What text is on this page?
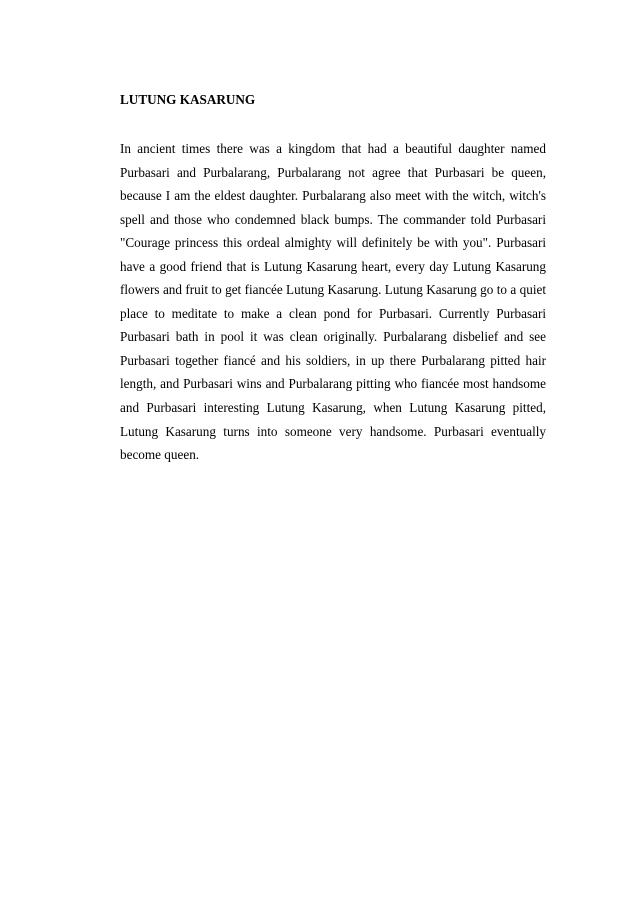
LUTUNG KASARUNG

In ancient times there was a kingdom that had a beautiful daughter named Purbasari and Purbalarang, Purbalarang not agree that Purbasari be queen, because I am the eldest daughter. Purbalarang also meet with the witch, witch's spell and those who condemned black bumps. The commander told Purbasari "Courage princess this ordeal almighty will definitely be with you". Purbasari have a good friend that is Lutung Kasarung heart, every day Lutung Kasarung flowers and fruit to get fiancée Lutung Kasarung. Lutung Kasarung go to a quiet place to meditate to make a clean pond for Purbasari. Currently Purbasari Purbasari bath in pool it was clean originally. Purbalarang disbelief and see Purbasari together fiancé and his soldiers, in up there Purbalarang pitted hair length, and Purbasari wins and Purbalarang pitting who fiancée most handsome and Purbasari interesting Lutung Kasarung, when Lutung Kasarung pitted, Lutung Kasarung turns into someone very handsome. Purbasari eventually become queen.
